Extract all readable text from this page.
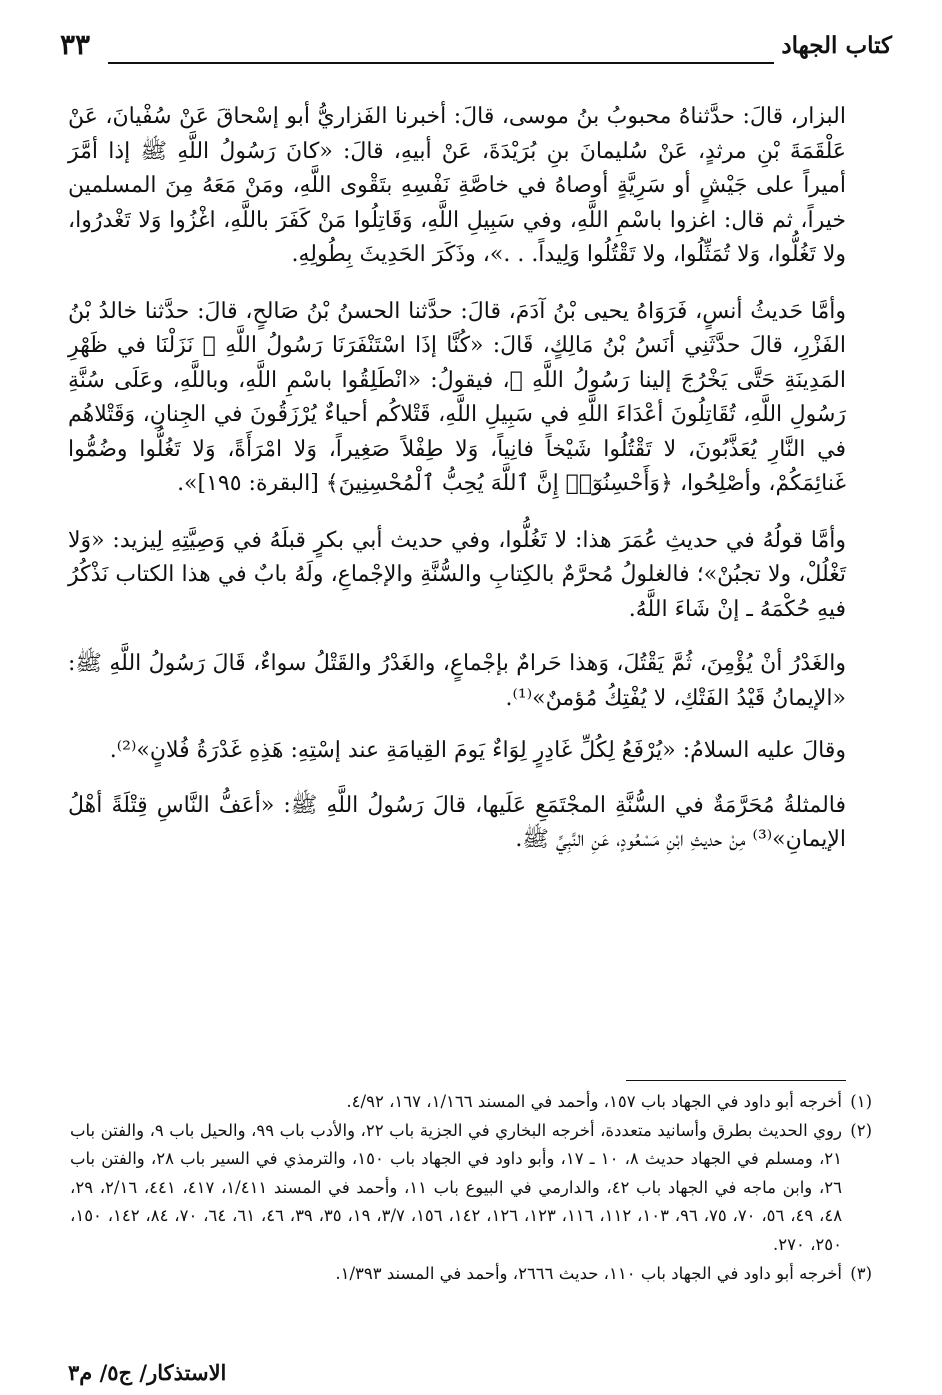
كتاب الجهاد
٣٣

البزار، قالَ: حدَّثناهُ محبوبُ بنُ موسى، قالَ: أخبرنا الفَزاريُّ أبو إسْحاقَ عَنْ سُفْيانَ، عَنْ عَلْقَمَةَ بْنِ مرثدٍ، عَنْ سُليمانَ بنِ بُرَيْدَةَ، عَنْ أبيهِ، قالَ: «كانَ رَسُولُ اللَّهِ ﷺ إذا أمَّرَ أميراً على جَيْشٍ أو سَرِيَّةٍ أوصاهُ في خاصَّةِ نَفْسِهِ بتَقْوى اللَّهِ، ومَنْ مَعَهُ مِنَ المسلمين خيراً، ثم قال: اغزوا باسْمِ اللَّهِ، وفي سَبِيلِ اللَّهِ، وَقَاتِلُوا مَنْ كَفَرَ باللَّهِ، اغْزُوا وَلا تَغْدرُوا، ولا تَغُلُّوا، وَلا تُمَثِّلُوا، ولا تَقْتُلُوا وَلِيداً. . .»، وذَكَرَ الحَدِيثَ بِطُولِهِ.

وأمَّا حَديثُ أنسٍ، فَرَوَاهُ يحيى بْنُ آدَمَ، قالَ: حدَّثنا الحسنُ بْنُ صَالحٍ، قالَ: حدَّثنا خالدُ بْنُ الفَزْرِ، قالَ حدَّثَنِي أنَسُ بْنُ مَالِكٍ، قَالَ: «كُنَّا إذَا اسْتَنْفَرَنَا رَسُولُ اللَّهِ ﷺ نَزَلْنَا في ظَهْرِ المَدِينَةِ حَتَّى يَخْرُجَ إلينا رَسُولُ اللَّهِ ﷺ، فيقولُ: «انْطَلِقُوا باسْمِ اللَّهِ، وباللَّهِ، وعَلَى سُنَّةِ رَسُولِ اللَّهِ، تُقَاتِلُونَ أعْدَاءَ اللَّهِ في سَبِيلِ اللَّهِ، قَتْلاكُم أحياءٌ يُرْزَقُونَ في الجِنانِ، وَقَتْلاهُم في النَّارِ يُعَذَّبُونَ، لا تَقْتُلُوا شَيْخاً فانِياً، وَلا طِفْلاً صَغِيراً، وَلا امْرَأَةً، وَلا تَغُلُّوا وضُمُّوا غَنائِمَكُمْ، وأصْلِحُوا، ﴿وَأَحْسِنُوٓا۟ إِنَّ ٱللَّهَ يُحِبُّ ٱلْمُحْسِنِينَ﴾ [البقرة: ١٩٥]».

وأمَّا قولُهُ في حديثِ عُمَرَ هذا: لا تَغُلُّوا، وفي حديث أبي بكرٍ قبلَهُ في وَصِيَّتِهِ لِيزيد: «وَلا تَغْلُلْ، ولا تجبُنْ»؛ فالغلولُ مُحرَّمٌ بالكِتابِ والسُّنَّةِ والإجْماعِ، ولَهُ بابٌ في هذا الكتاب نَذْكُرُ فيهِ حُكْمَهُ ـ إنْ شَاءَ اللَّهُ.

والغَدْرُ أنْ يُؤْمِنَ، ثُمَّ يَقْتُلَ، وَهذا حَرامٌ بإجْماعٍ، والغَدْرُ والقَتْلُ سواءٌ، قَالَ رَسُولُ اللَّهِ ﷺ: «الإيمانُ قَيْدُ الفَتْكِ، لا يُفْتِكُ مُؤمنٌ»⁽¹⁾.

وقالَ عليه السلامُ: «يُرْفَعُ لِكُلِّ غَادِرٍ لِوَاءٌ يَومَ القِيامَةِ عند إسْتِهِ: هَذِهِ غَدْرَةُ فُلانٍ»⁽²⁾.

فالمثلةُ مُحَرَّمَةٌ في السُّنَّةِ المجْتَمَعِ عَلَيها، قالَ رَسُولُ اللَّهِ ﷺ: «أعَفُّ النَّاسِ قِتْلَةً أهْلُ الإيمانِ»⁽³⁾ مِنْ حديثِ ابْنِ مَسْعُودٍ، عَنِ النَّبِيِّ ﷺ.

(١)
أخرجه أبو داود في الجهاد باب ١٥٧، وأحمد في المسند ١/١٦٦، ١٦٧، ٤/٩٢.

(٢)
روي الحديث بطرق وأسانيد متعددة، أخرجه البخاري في الجزية باب ٢٢، والأدب باب ٩٩، والحيل باب ٩، والفتن باب ٢١، ومسلم في الجهاد حديث ٨، ١٠ ـ ١٧، وأبو داود في الجهاد باب ١٥٠، والترمذي في السير باب ٢٨، والفتن باب ٢٦، وابن ماجه في الجهاد باب ٤٢، والدارمي في البيوع باب ١١، وأحمد في المسند ١/٤١١، ٤١٧، ٤٤١، ٢/١٦، ٢٩، ٤٨، ٤٩، ٥٦، ٧٠، ٧٥، ٩٦، ١٠٣، ١١٢، ١١٦، ١٢٣، ١٢٦، ١٤٢، ١٥٦، ٣/٧، ١٩، ٣٥، ٣٩، ٤٦، ٦١، ٦٤، ٧٠، ٨٤، ١٤٢، ١٥٠، ٢٥٠، ٢٧٠.

(٣)
أخرجه أبو داود في الجهاد باب ١١٠، حديث ٢٦٦٦، وأحمد في المسند ١/٣٩٣.

الاستذكار/ ج٥/ م٣
